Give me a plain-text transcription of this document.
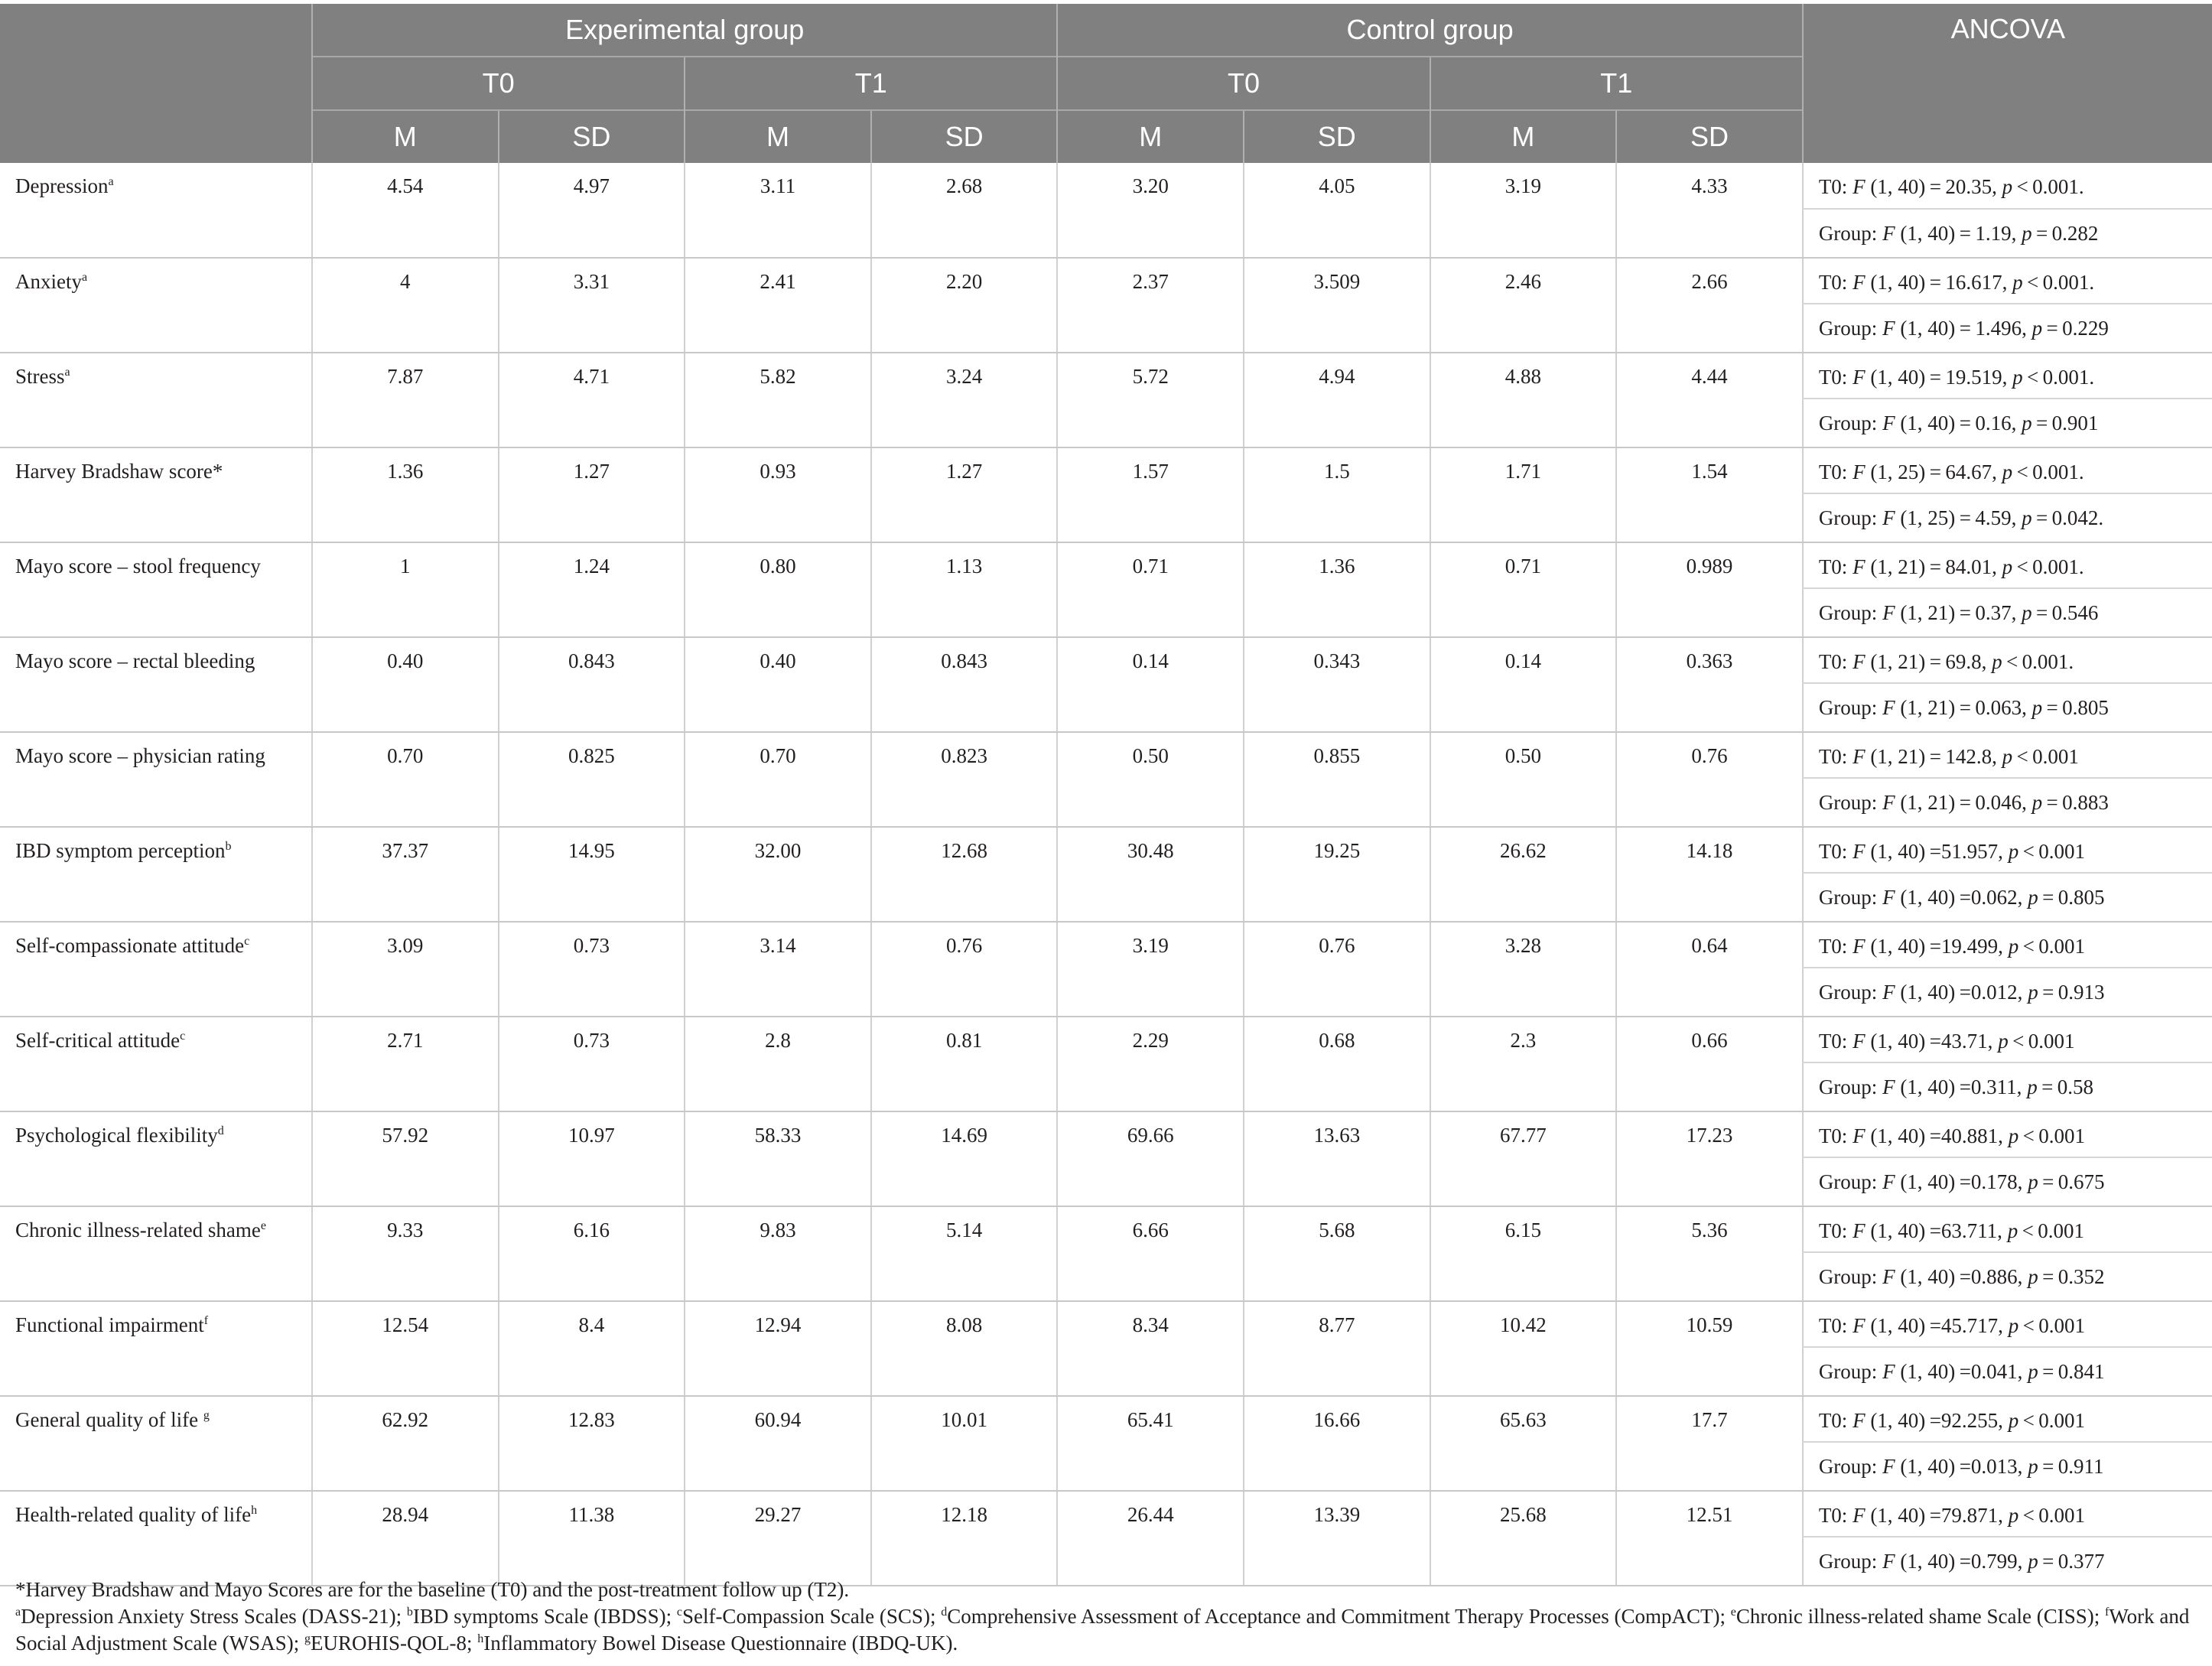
	Experimental group				Control group				ANCOVA
	T0		T1		T0		T1		
	M	SD	M	SD	M	SD	M	SD	
Depression$^a$	4.54	4.97	3.11	2.68	3.20	4.05	3.19	4.33	T0: F (1, 40) = 20.35, p  < 0.001.
									Group: F (1, 40) = 1.19, p  = 0.282
Anxiety$^a$	4	3.31	2.41	2.20	2.37	3.509	2.46	2.66	T0: F (1, 40) = 16.617, p  < 0.001.
									Group: F (1, 40) = 1.496, p  = 0.229
Stress$^a$	7.87	4.71	5.82	3.24	5.72	4.94	4.88	4.44	T0: F (1, 40) = 19.519, p  < 0.001.
									Group: F (1, 40) = 0.16, p  = 0.901
Harvey Bradshaw score*	1.36	1.27	0.93	1.27	1.57	1.5	1.71	1.54	T0: F (1, 25) = 64.67, p  < 0.001.
									Group: F (1, 25) = 4.59, p  = 0.042.
Mayo score – stool frequency	1	1.24	0.80	1.13	0.71	1.36	0.71	0.989	T0: F (1, 21) = 84.01, p  < 0.001.
									Group: F (1, 21) = 0.37, p  = 0.546
Mayo score – rectal bleeding	0.40	0.843	0.40	0.843	0.14	0.343	0.14	0.363	T0: F (1, 21) = 69.8, p  < 0.001.
									Group: F (1, 21) = 0.063, p  = 0.805
Mayo score – physician rating	0.70	0.825	0.70	0.823	0.50	0.855	0.50	0.76	T0: F (1, 21) = 142.8, p  < 0.001
									Group: F (1, 21) = 0.046, p  = 0.883
IBD symptom perception$^b$	37.37	14.95	32.00	12.68	30.48	19.25	26.62	14.18	T0: F (1, 40) =51.957, p  < 0.001
									Group: F (1, 40) =0.062, p  = 0.805
Self-compassionate attitude$^c$	3.09	0.73	3.14	0.76	3.19	0.76	3.28	0.64	T0: F (1, 40) =19.499, p  < 0.001
									Group: F (1, 40) =0.012, p  = 0.913
Self-critical attitude$^c$	2.71	0.73	2.8	0.81	2.29	0.68	2.3	0.66	T0: F (1, 40) =43.71, p  < 0.001
									Group: F (1, 40) =0.311, p  = 0.58
Psychological flexibility$^d$	57.92	10.97	58.33	14.69	69.66	13.63	67.77	17.23	T0: F (1, 40) =40.881, p  < 0.001
									Group: F (1, 40) =0.178, p  = 0.675
Chronic illness-related shame$^e$	9.33	6.16	9.83	5.14	6.66	5.68	6.15	5.36	T0: F (1, 40) =63.711, p  < 0.001
									Group: F (1, 40) =0.886, p  = 0.352
Functional impairment$^f$	12.54	8.4	12.94	8.08	8.34	8.77	10.42	10.59	T0: F (1, 40) =45.717, p  < 0.001
									Group: F (1, 40) =0.041, p  = 0.841
General quality of life $^g$	62.92	12.83	60.94	10.01	65.41	16.66	65.63	17.7	T0: F (1, 40) =92.255, p  < 0.001
									Group: F (1, 40) =0.013, p  = 0.911
Health-related quality of life$^h$	28.94	11.38	29.27	12.18	26.44	13.39	25.68	12.51	T0: F (1, 40) =79.871, p  < 0.001
									Group: F (1, 40) =0.799, p  = 0.377

*Harvey Bradshaw and Mayo Scores are for the baseline (T0) and the post-treatment follow up (T2).

$^a$Depression Anxiety Stress Scales (DASS-21); $^b$IBD symptoms Scale (IBDSS); $^c$Self-Compassion Scale (SCS); $^d$Comprehensive Assessment of Acceptance and Commitment Therapy Processes (CompACT); $^e$Chronic illness-related shame Scale (CISS); $^f$Work and Social Adjustment Scale (WSAS); $^g$EUROHIS-QOL-8; $^h$Inflammatory Bowel Disease Questionnaire (IBDQ-UK).
